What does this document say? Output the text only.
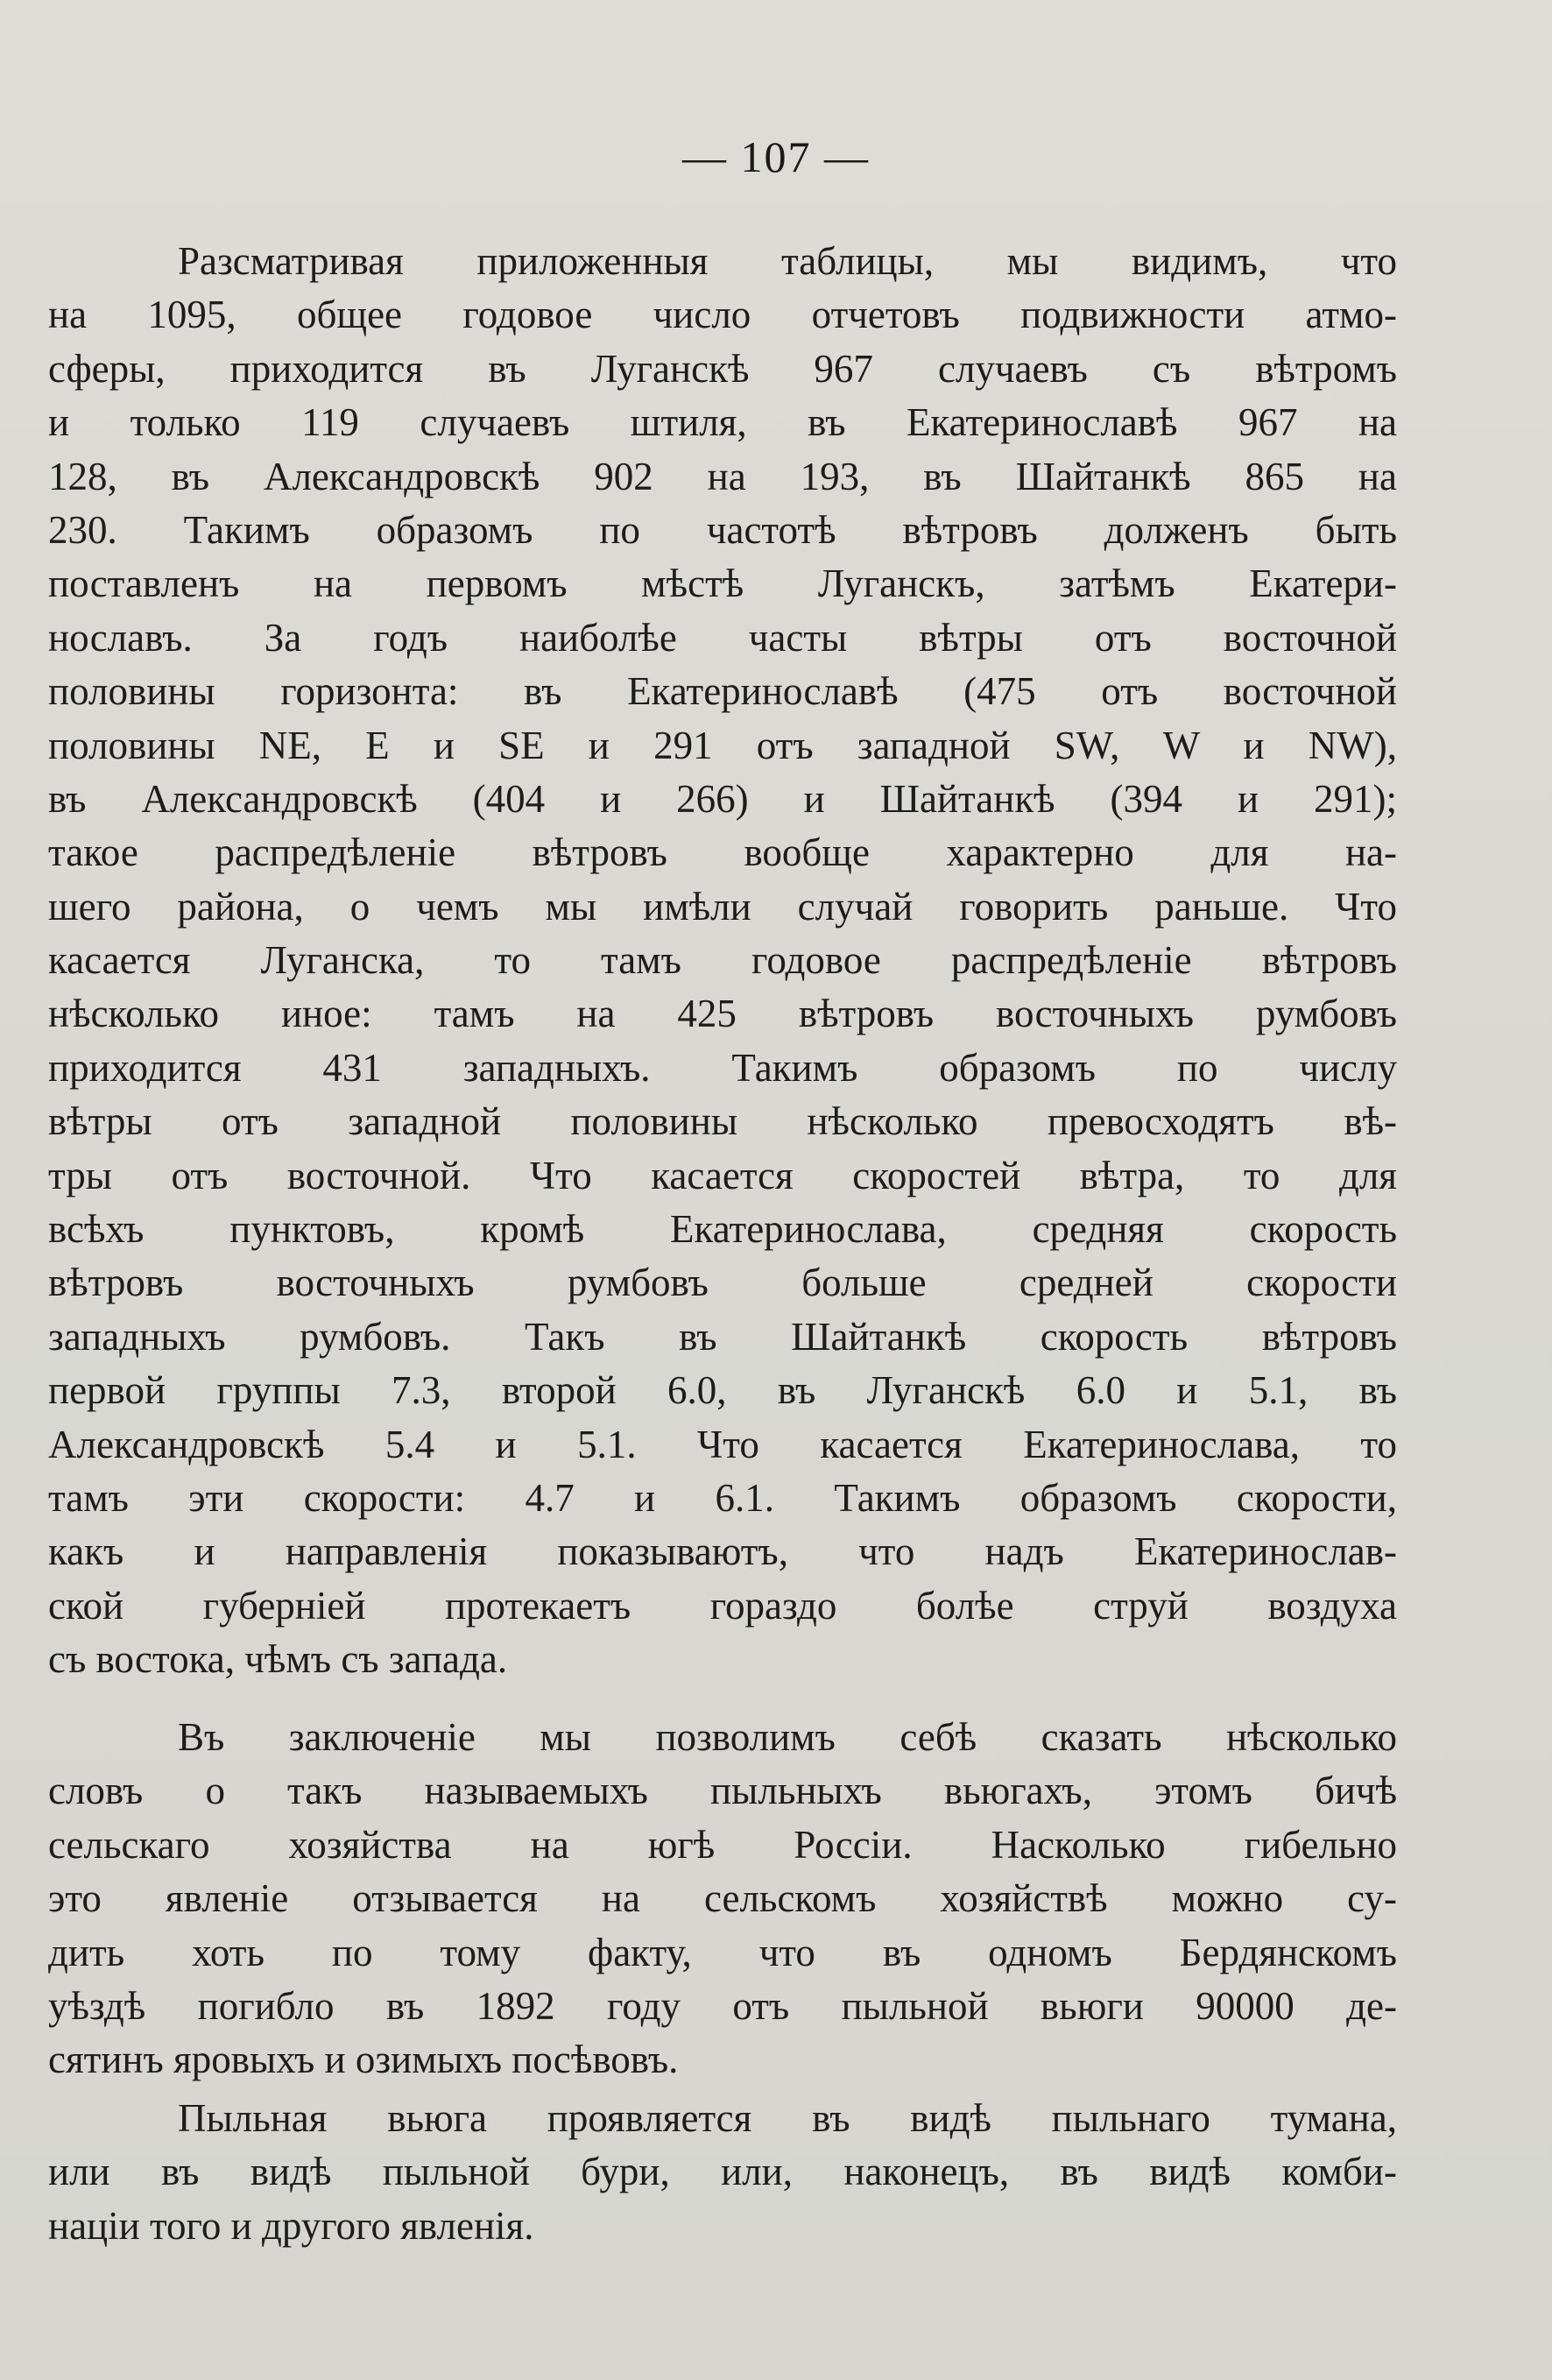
— 107 —
Разсматривая приложенныя таблицы, мы видимъ, что
на 1095, общее годовое число отчетовъ подвижности атмо-
сферы, приходится въ Луганскѣ 967 случаевъ съ вѣтромъ
и только 119 случаевъ штиля, въ Екатеринославѣ 967 на
128, въ Александровскѣ 902 на 193, въ Шайтанкѣ 865 на
230. Такимъ образомъ по частотѣ вѣтровъ долженъ быть
поставленъ на первомъ мѣстѣ Луганскъ, затѣмъ Екатери-
нославъ. За годъ наиболѣе часты вѣтры отъ восточной
половины горизонта: въ Екатеринославѣ (475 отъ восточной
половины NE, E и SE и 291 отъ западной SW, W и NW),
въ Александровскѣ (404 и 266) и Шайтанкѣ (394 и 291);
такое распредѣленіе вѣтровъ вообще характерно для на-
шего района, о чемъ мы имѣли случай говорить раньше. Что
касается Луганска, то тамъ годовое распредѣленіе вѣтровъ
нѣсколько иное: тамъ на 425 вѣтровъ восточныхъ румбовъ
приходится 431 западныхъ. Такимъ образомъ по числу
вѣтры отъ западной половины нѣсколько превосходятъ вѣ-
тры отъ восточной. Что касается скоростей вѣтра, то для
всѣхъ пунктовъ, кромѣ Екатеринослава, средняя скорость
вѣтровъ восточныхъ румбовъ больше средней скорости
западныхъ румбовъ. Такъ въ Шайтанкѣ скорость вѣтровъ
первой группы 7.3, второй 6.0, въ Луганскѣ 6.0 и 5.1, въ
Александровскѣ 5.4 и 5.1. Что касается Екатеринослава, то
тамъ эти скорости: 4.7 и 6.1. Такимъ образомъ скорости,
какъ и направленія показываютъ, что надъ Екатеринослав-
ской губерніей протекаетъ гораздо болѣе струй воздуха
съ востока, чѣмъ съ запада.
Въ заключеніе мы позволимъ себѣ сказать нѣсколько
словъ о такъ называемыхъ пыльныхъ вьюгахъ, этомъ бичѣ
сельскаго хозяйства на югѣ Россіи. Насколько гибельно
это явленіе отзывается на сельскомъ хозяйствѣ можно су-
дить хоть по тому факту, что въ одномъ Бердянскомъ
уѣздѣ погибло въ 1892 году отъ пыльной вьюги 90000 де-
сятинъ яровыхъ и озимыхъ посѣвовъ.
Пыльная вьюга проявляется въ видѣ пыльнаго тумана,
или въ видѣ пыльной бури, или, наконецъ, въ видѣ комби-
націи того и другого явленія.
